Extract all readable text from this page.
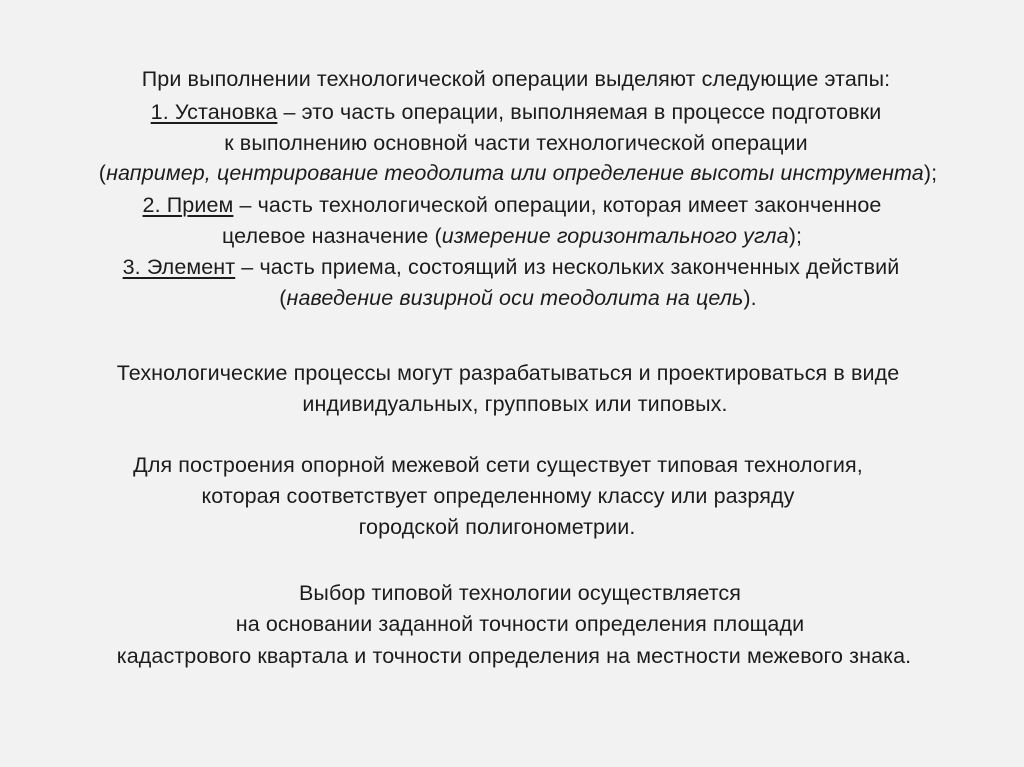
При выполнении технологической операции выделяют следующие этапы:
1. Установка – это часть операции, выполняемая в процессе подготовки
к выполнению основной части технологической операции
(например, центрирование теодолита или определение высоты инструмента);
2. Прием – часть технологической операции, которая имеет законченное
целевое назначение (измерение горизонтального угла);
3. Элемент – часть приема, состоящий из нескольких законченных действий
(наведение визирной оси теодолита на цель).
Технологические процессы могут разрабатываться и проектироваться в виде
индивидуальных, групповых или типовых.
Для построения опорной межевой сети существует типовая технология,
которая соответствует определенному классу или разряду
городской полигонометрии.
Выбор типовой технологии осуществляется
на основании заданной точности определения площади
кадастрового квартала и точности определения на местности межевого знака.
